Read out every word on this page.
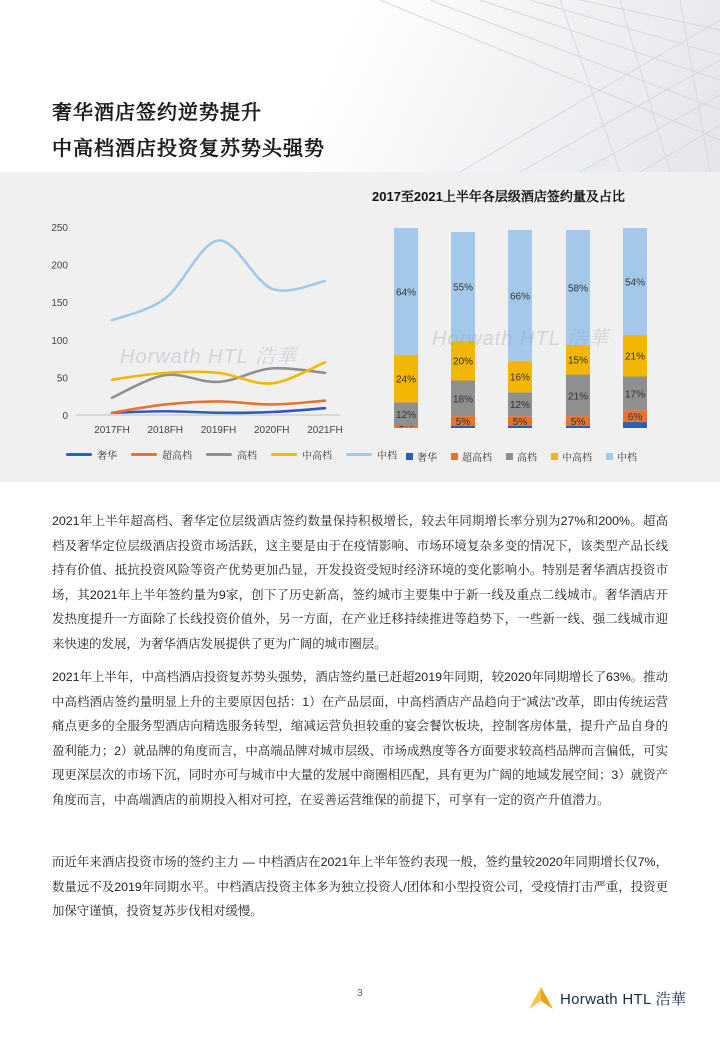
奢华酒店签约逆势提升
中高档酒店投资复苏势头强势
2017至2021上半年各层级酒店签约量及占比
0
50
100
150
200
250
2017FH 2018FH 2019FH 2020FH 2021FH
Horwath HTL 浩華
12%
24%
64%
5%
18%
20%
55%
5%
12%
16%
66%
5%
21%
15%
58%
6%
17%
21%
54%
Horwath HTL 浩華
奢华	超高档	高档	中高档	中档 奢华	超高档	高档	中高档	中档
2021年上半年超高档、奢华定位层级酒店签约数量保持积极增长，较去年同期增长率分别为27%和200%。超高档及奢华定位层级酒店投资市场活跃，这主要是由于在疫情影响、市场环境复杂多变的情况下，该类型产品长线持有价值、抵抗投资风险等资产优势更加凸显，开发投资受短时经济环境的变化影响小。特别是奢华酒店投资市场，其2021年上半年签约量为9家，创下了历史新高，签约城市主要集中于新一线及重点二线城市。奢华酒店开发热度提升一方面除了长线投资价值外，另一方面，在产业迁移持续推进等趋势下，一些新一线、强二线城市迎来快速的发展，为奢华酒店发展提供了更为广阔的城市圈层。
2021年上半年，中高档酒店投资复苏势头强势，酒店签约量已赶超2019年同期，较2020年同期增长了63%。推动中高档酒店签约量明显上升的主要原因包括：1）在产品层面，中高档酒店产品趋向于“减法”改革，即由传统运营痛点更多的全服务型酒店向精选服务转型，缩减运营负担较重的宴会餐饮板块，控制客房体量，提升产品自身的盈利能力；2）就品牌的角度而言，中高端品牌对城市层级、市场成熟度等各方面要求较高档品牌而言偏低，可实现更深层次的市场下沉，同时亦可与城市中大量的发展中商圈相匹配，具有更为广阔的地域发展空间；3）就资产角度而言，中高端酒店的前期投入相对可控，在妥善运营维保的前提下，可享有一定的资产升值潜力。
而近年来酒店投资市场的签约主力 — 中档酒店在2021年上半年签约表现一般，签约量较2020年同期增长仅7%，数量远不及2019年同期水平。中档酒店投资主体多为独立投资人/团体和小型投资公司，受疫情打击严重，投资更加保守谨慎，投资复苏步伐相对缓慢。
3	Horwath HTL 浩華
